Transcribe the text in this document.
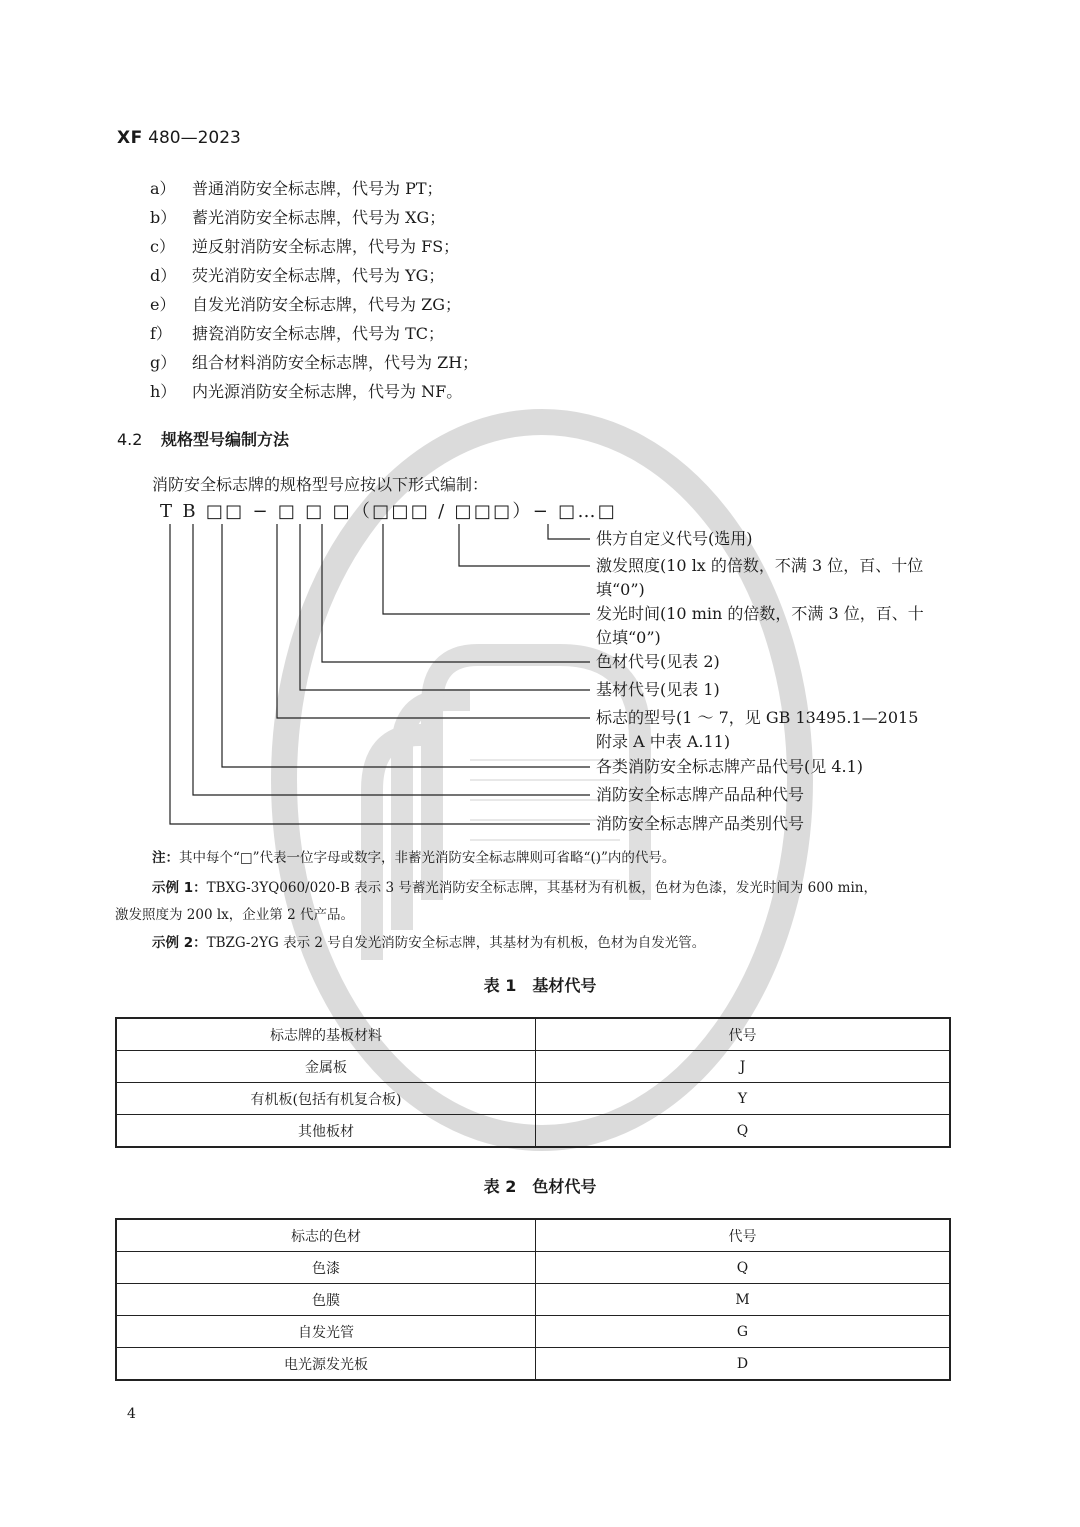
XF 480—2023
a） 普通消防安全标志牌，代号为 PT；
b） 蓄光消防安全标志牌，代号为 XG；
c） 逆反射消防安全标志牌，代号为 FS；
d） 荧光消防安全标志牌，代号为 YG；
e） 自发光消防安全标志牌，代号为 ZG；
f） 搪瓷消防安全标志牌，代号为 TC；
g） 组合材料消防安全标志牌，代号为 ZH；
h） 内光源消防安全标志牌，代号为 NF。
4.2 规格型号编制方法
消防安全标志牌的规格型号应按以下形式编制：
T B □□ − □ □ □（□□□ / □□□）− □…□
供方自定义代号(选用)
激发照度(10 lx 的倍数，不满 3 位，百、十位
填“0”)
发光时间(10 min 的倍数，不满 3 位，百、十
位填“0”)
色材代号(见表 2)
基材代号(见表 1)
标志的型号(1 ～ 7，见 GB 13495.1—2015
附录 A 中表 A.11)
各类消防安全标志牌产品代号(见 4.1)
消防安全标志牌产品品种代号
消防安全标志牌产品类别代号
注：其中每个“□”代表一位字母或数字，非蓄光消防安全标志牌则可省略“()”内的代号。
示例 1：TBXG-3YQ060/020-B 表示 3 号蓄光消防安全标志牌，其基材为有机板，色材为色漆，发光时间为 600 min，
激发照度为 200 lx，企业第 2 代产品。
示例 2：TBZG-2YG 表示 2 号自发光消防安全标志牌，其基材为有机板，色材为自发光管。
表 1 基材代号
标志牌的基板材料	代号
金属板	J
有机板(包括有机复合板)	Y
其他板材	Q
表 2 色材代号
标志的色材	代号
色漆	Q
色膜	M
自发光管	G
电光源发光板	D
4
